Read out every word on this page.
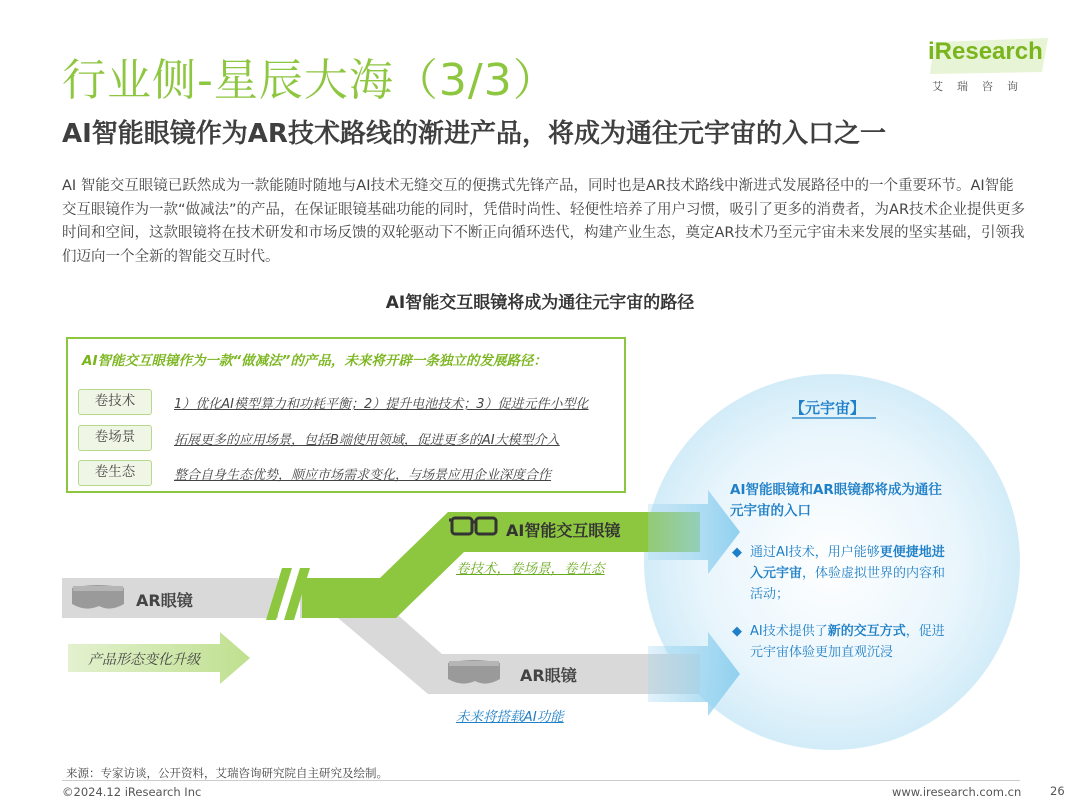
行业侧-星辰大海（3/3）
AI智能眼镜作为AR技术路线的渐进产品，将成为通往元宇宙的入口之一
iResearch
艾瑞咨询
AI 智能交互眼镜已跃然成为一款能随时随地与AI技术无缝交互的便携式先锋产品，同时也是AR技术路线中渐进式发展路径中的一个重要环节。AI智能交互眼镜作为一款“做减法”的产品，在保证眼镜基础功能的同时，凭借时尚性、轻便性培养了用户习惯，吸引了更多的消费者，为AR技术企业提供更多时间和空间，这款眼镜将在技术研发和市场反馈的双轮驱动下不断正向循环迭代，构建产业生态，奠定AR技术乃至元宇宙未来发展的坚实基础，引领我们迈向一个全新的智能交互时代。
AI智能交互眼镜将成为通往元宇宙的路径
AI智能交互眼镜作为一款“做减法”的产品，未来将开辟一条独立的发展路径：
卷技术	1）优化AI模型算力和功耗平衡；2）提升电池技术；3）促进元件小型化
卷场景	拓展更多的应用场景，包括B端使用领域，促进更多的AI大模型介入
卷生态	整合自身生态优势，顺应市场需求变化，与场景应用企业深度合作
AR眼镜
产品形态变化升级
AI智能交互眼镜
卷技术，卷场景，卷生态
AR眼镜
未来将搭载AI功能
【元宇宙】
AI智能眼镜和AR眼镜都将成为通往元宇宙的入口
◆ 通过AI技术，用户能够更便捷地进入元宇宙，体验虚拟世界的内容和活动；
◆ AI技术提供了新的交互方式，促进元宇宙体验更加直观沉浸
来源：专家访谈，公开资料，艾瑞咨询研究院自主研究及绘制。
©2024.12 iResearch Inc	www.iresearch.com.cn	26
